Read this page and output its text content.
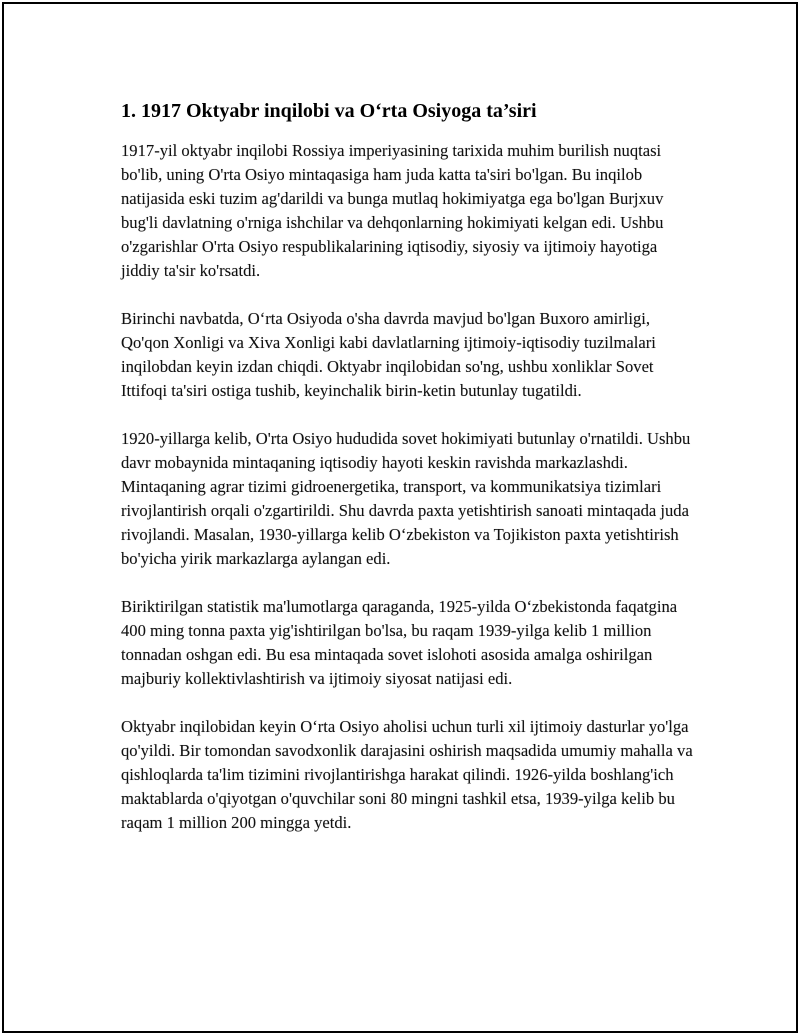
1. 1917 Oktyabr inqilobi va O‘rta Osiyoga ta’siri

1917-yil oktyabr inqilobi Rossiya imperiyasining tarixida muhim burilish nuqtasi bo'lib, uning O'rta Osiyo mintaqasiga ham juda katta ta'siri bo'lgan. Bu inqilob natijasida eski tuzim ag'darildi va bunga mutlaq hokimiyatga ega bo'lgan Burjxuv bug'li davlatning o'rniga ishchilar va dehqonlarning hokimiyati kelgan edi. Ushbu o'zgarishlar O'rta Osiyo respublikalarining iqtisodiy, siyosiy va ijtimoiy hayotiga jiddiy ta'sir ko'rsatdi.

Birinchi navbatda, O‘rta Osiyoda o'sha davrda mavjud bo'lgan Buxoro amirligi, Qo'qon Xonligi va Xiva Xonligi kabi davlatlarning ijtimoiy-iqtisodiy tuzilmalari inqilobdan keyin izdan chiqdi. Oktyabr inqilobidan so'ng, ushbu xonliklar Sovet Ittifoqi ta'siri ostiga tushib, keyinchalik birin-ketin butunlay tugatildi.

1920-yillarga kelib, O'rta Osiyo hududida sovet hokimiyati butunlay o'rnatildi. Ushbu davr mobaynida mintaqaning iqtisodiy hayoti keskin ravishda markazlashdi. Mintaqaning agrar tizimi gidroenergetika, transport, va kommunikatsiya tizimlari rivojlantirish orqali o'zgartirildi. Shu davrda paxta yetishtirish sanoati mintaqada juda rivojlandi. Masalan, 1930-yillarga kelib O‘zbekiston va Tojikiston paxta yetishtirish bo'yicha yirik markazlarga aylangan edi.

Biriktirilgan statistik ma'lumotlarga qaraganda, 1925-yilda O‘zbekistonda faqatgina 400 ming tonna paxta yig'ishtirilgan bo'lsa, bu raqam 1939-yilga kelib 1 million tonnadan oshgan edi. Bu esa mintaqada sovet islohoti asosida amalga oshirilgan majburiy kollektivlashtirish va ijtimoiy siyosat natijasi edi.

Oktyabr inqilobidan keyin O‘rta Osiyo aholisi uchun turli xil ijtimoiy dasturlar yo'lga qo'yildi. Bir tomondan savodxonlik darajasini oshirish maqsadida umumiy mahalla va qishloqlarda ta'lim tizimini rivojlantirishga harakat qilindi. 1926-yilda boshlang'ich maktablarda o'qiyotgan o'quvchilar soni 80 mingni tashkil etsa, 1939-yilga kelib bu raqam 1 million 200 mingga yetdi.
